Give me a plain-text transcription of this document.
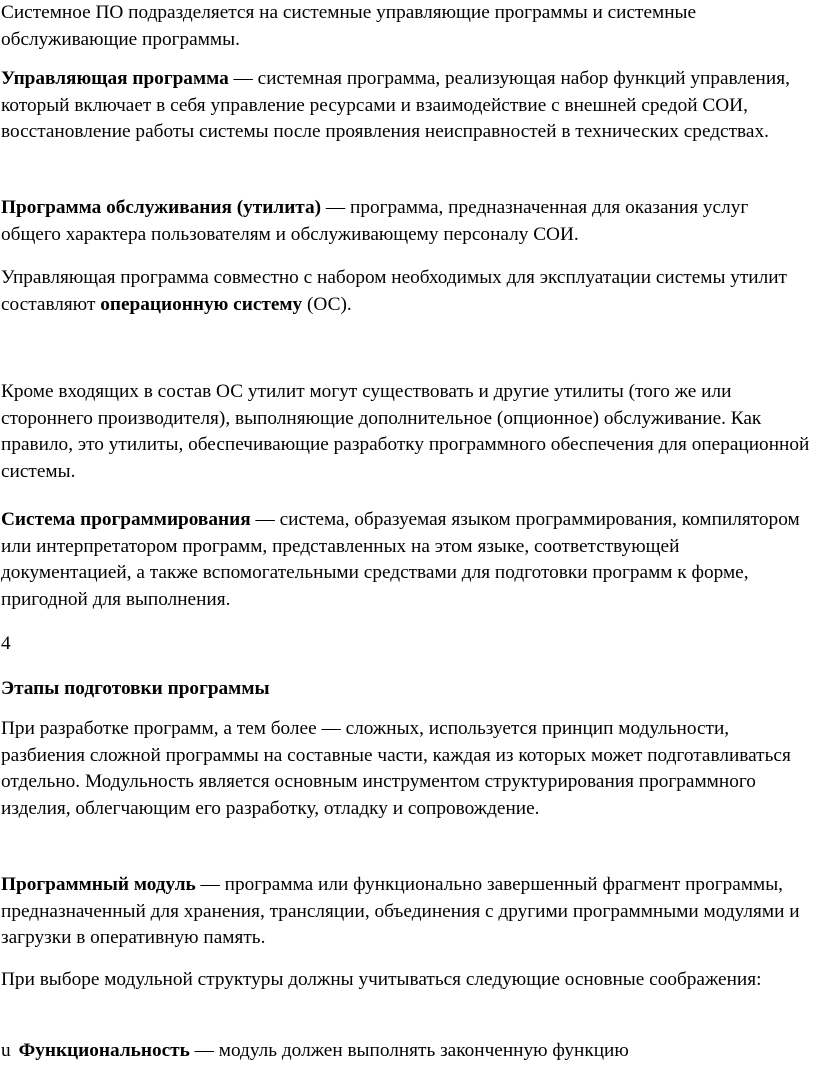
Системное ПО подразделяется на системные управляющие программы и системные обслуживающие программы.

Управляющая программа — системная программа, реализующая набор функций управления, который включает в себя управление ресурсами и взаимодействие с внешней средой СОИ, восстановление работы системы после проявления неисправностей в технических средствах.

Программа обслуживания (утилита) — программа, предназначенная для оказания услуг общего характера пользователям и обслуживающему персоналу СОИ.

Управляющая программа совместно с набором необходимых для эксплуатации системы утилит составляют операционную систему (ОС).

Кроме входящих в состав ОС утилит могут существовать и другие утилиты (того же или стороннего производителя), выполняющие дополнительное (опционное) обслуживание. Как правило, это утилиты, обеспечивающие разработку программного обеспечения для операционной системы.

Система программирования — система, образуемая языком программирования, компилятором или интерпретатором программ, представленных на этом языке, соответствующей документацией, а также вспомогательными средствами для подготовки программ к форме, пригодной для выполнения.

4

Этапы подготовки программы

При разработке программ, а тем более — сложных, используется принцип модульности, разбиения сложной программы на составные части, каждая из которых может подготавливаться отдельно. Модульность является основным инструментом структурирования программного изделия, облегчающим его разработку, отладку и сопровождение.

Программный модуль — программа или функционально завершенный фрагмент программы, предназначенный для хранения, трансляции, объединения с другими программными модулями и загрузки в оперативную память.

При выборе модульной структуры должны учитываться следующие основные соображения:

u Функциональность — модуль должен выполнять законченную функцию
